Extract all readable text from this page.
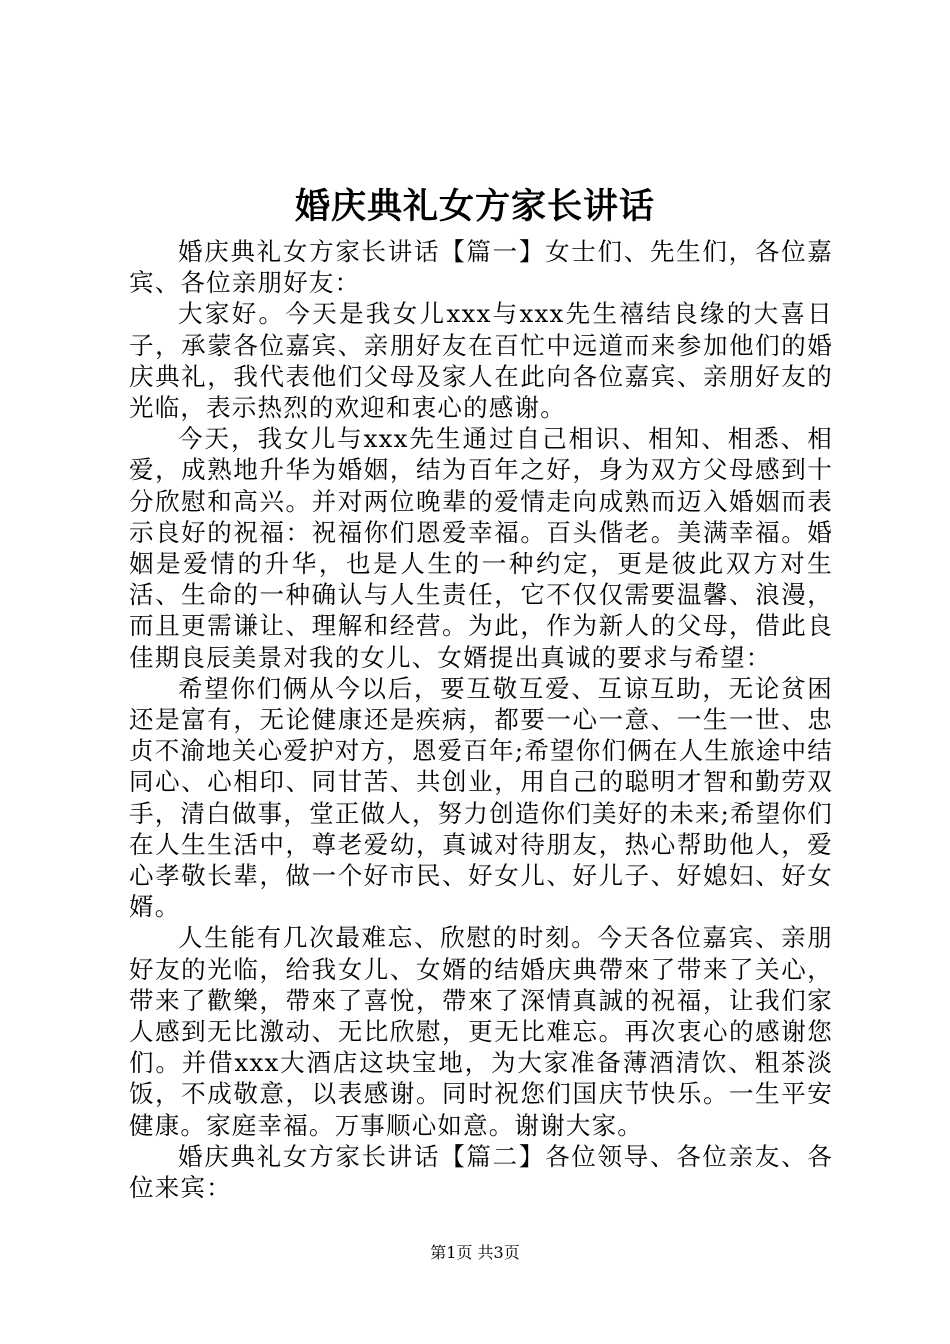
婚庆典礼女方家长讲话

婚庆典礼女方家长讲话【篇一】女士们、先生们，各位嘉宾、各位亲朋好友：

大家好。今天是我女儿xxx与xxx先生禧结良缘的大喜日子，承蒙各位嘉宾、亲朋好友在百忙中远道而来参加他们的婚庆典礼，我代表他们父母及家人在此向各位嘉宾、亲朋好友的光临，表示热烈的欢迎和衷心的感谢。

今天，我女儿与xxx先生通过自己相识、相知、相悉、相爱，成熟地升华为婚姻，结为百年之好，身为双方父母感到十分欣慰和高兴。并对两位晚辈的爱情走向成熟而迈入婚姻而表示良好的祝福：祝福你们恩爱幸福。百头偕老。美满幸福。婚姻是爱情的升华，也是人生的一种约定，更是彼此双方对生活、生命的一种确认与人生责任，它不仅仅需要温馨、浪漫，而且更需谦让、理解和经营。为此，作为新人的父母，借此良佳期良辰美景对我的女儿、女婿提出真诚的要求与希望：

希望你们俩从今以后，要互敬互爱、互谅互助，无论贫困还是富有，无论健康还是疾病，都要一心一意、一生一世、忠贞不渝地关心爱护对方，恩爱百年;希望你们俩在人生旅途中结同心、心相印、同甘苦、共创业，用自己的聪明才智和勤劳双手，清白做事，堂正做人，努力创造你们美好的未来;希望你们在人生生活中，尊老爱幼，真诚对待朋友，热心帮助他人，爱心孝敬长辈，做一个好市民、好女儿、好儿子、好媳妇、好女婿。

人生能有几次最难忘、欣慰的时刻。今天各位嘉宾、亲朋好友的光临，给我女儿、女婿的结婚庆典帶來了带来了关心，带来了歡樂，帶來了喜悅，帶來了深情真誠的祝福，让我们家人感到无比激动、无比欣慰，更无比难忘。再次衷心的感谢您们。并借xxx大酒店这块宝地，为大家准备薄酒清饮、粗茶淡饭，不成敬意，以表感谢。同时祝您们国庆节快乐。一生平安健康。家庭幸福。万事顺心如意。谢谢大家。

婚庆典礼女方家长讲话【篇二】各位领导、各位亲友、各位来宾：

第1页 共3页
